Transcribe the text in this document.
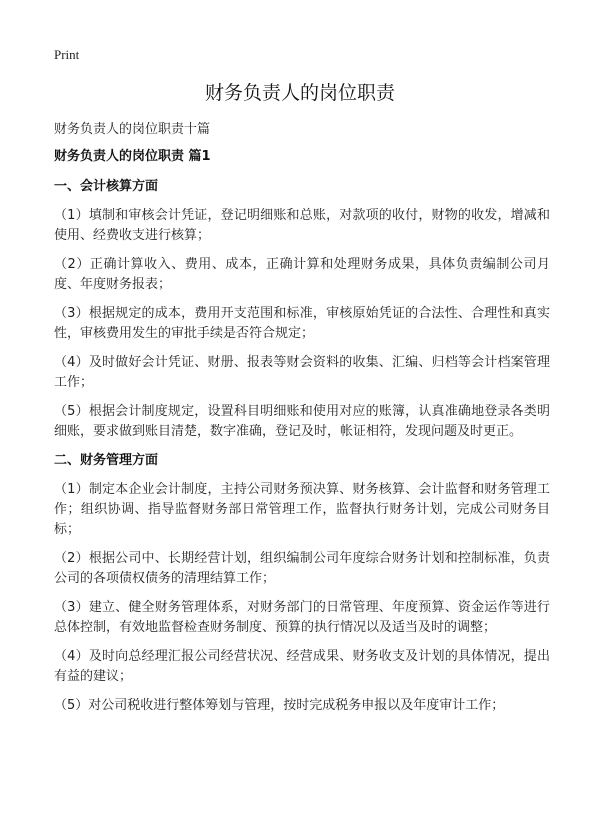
Print
财务负责人的岗位职责
财务负责人的岗位职责十篇

财务负责人的岗位职责 篇1

一、会计核算方面

（1）填制和审核会计凭证，登记明细账和总账，对款项的收付，财物的收发，增减和使用、经费收支进行核算；

（2）正确计算收入、费用、成本，正确计算和处理财务成果，具体负责编制公司月度、年度财务报表；

（3）根据规定的成本，费用开支范围和标准，审核原始凭证的合法性、合理性和真实性，审核费用发生的审批手续是否符合规定；

（4）及时做好会计凭证、财册、报表等财会资料的收集、汇编、归档等会计档案管理工作；

（5）根据会计制度规定，设置科目明细账和使用对应的账簿，认真准确地登录各类明细账，要求做到账目清楚，数字准确，登记及时，帐证相符，发现问题及时更正。

二、财务管理方面

（1）制定本企业会计制度，主持公司财务预决算、财务核算、会计监督和财务管理工作；组织协调、指导监督财务部日常管理工作，监督执行财务计划，完成公司财务目标；

（2）根据公司中、长期经营计划，组织编制公司年度综合财务计划和控制标准，负责公司的各项债权债务的清理结算工作；

（3）建立、健全财务管理体系，对财务部门的日常管理、年度预算、资金运作等进行总体控制，有效地监督检查财务制度、预算的执行情况以及适当及时的调整；

（4）及时向总经理汇报公司经营状况、经营成果、财务收支及计划的具体情况，提出有益的建议；

（5）对公司税收进行整体筹划与管理，按时完成税务申报以及年度审计工作；
